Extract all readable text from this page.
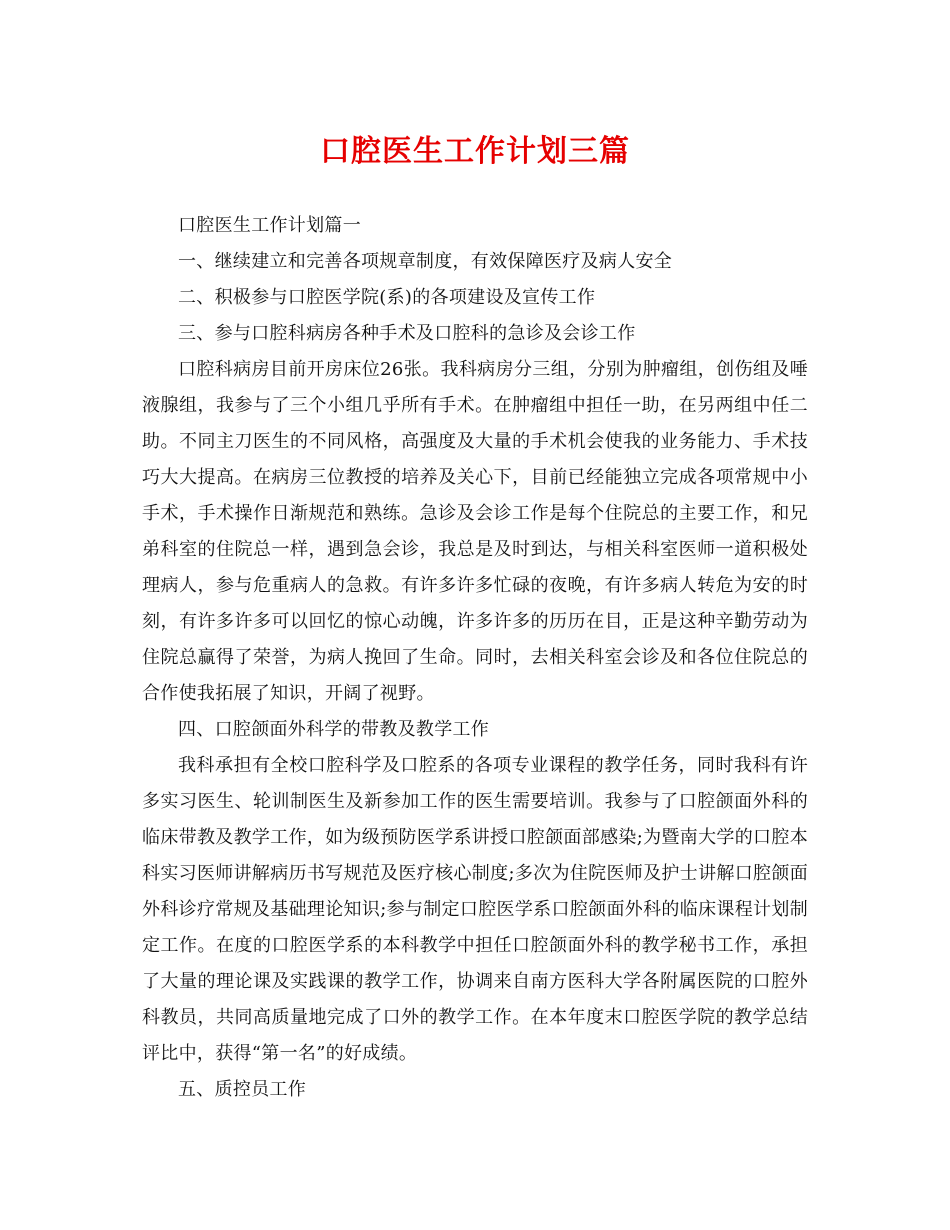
口腔医生工作计划三篇

口腔医生工作计划篇一

一、继续建立和完善各项规章制度，有效保障医疗及病人安全

二、积极参与口腔医学院(系)的各项建设及宣传工作

三、参与口腔科病房各种手术及口腔科的急诊及会诊工作

口腔科病房目前开房床位26张。我科病房分三组，分别为肿瘤组，创伤组及唾液腺组，我参与了三个小组几乎所有手术。在肿瘤组中担任一助，在另两组中任二助。不同主刀医生的不同风格，高强度及大量的手术机会使我的业务能力、手术技巧大大提高。在病房三位教授的培养及关心下，目前已经能独立完成各项常规中小手术，手术操作日渐规范和熟练。急诊及会诊工作是每个住院总的主要工作，和兄弟科室的住院总一样，遇到急会诊，我总是及时到达，与相关科室医师一道积极处理病人，参与危重病人的急救。有许多许多忙碌的夜晚，有许多病人转危为安的时刻，有许多许多可以回忆的惊心动魄，许多许多的历历在目，正是这种辛勤劳动为住院总赢得了荣誉，为病人挽回了生命。同时，去相关科室会诊及和各位住院总的合作使我拓展了知识，开阔了视野。

四、口腔颌面外科学的带教及教学工作

我科承担有全校口腔科学及口腔系的各项专业课程的教学任务，同时我科有许多实习医生、轮训制医生及新参加工作的医生需要培训。我参与了口腔颌面外科的临床带教及教学工作，如为级预防医学系讲授口腔颌面部感染;为暨南大学的口腔本科实习医师讲解病历书写规范及医疗核心制度;多次为住院医师及护士讲解口腔颌面外科诊疗常规及基础理论知识;参与制定口腔医学系口腔颌面外科的临床课程计划制定工作。在度的口腔医学系的本科教学中担任口腔颌面外科的教学秘书工作，承担了大量的理论课及实践课的教学工作，协调来自南方医科大学各附属医院的口腔外科教员，共同高质量地完成了口外的教学工作。在本年度末口腔医学院的教学总结评比中，获得“第一名”的好成绩。

五、质控员工作
